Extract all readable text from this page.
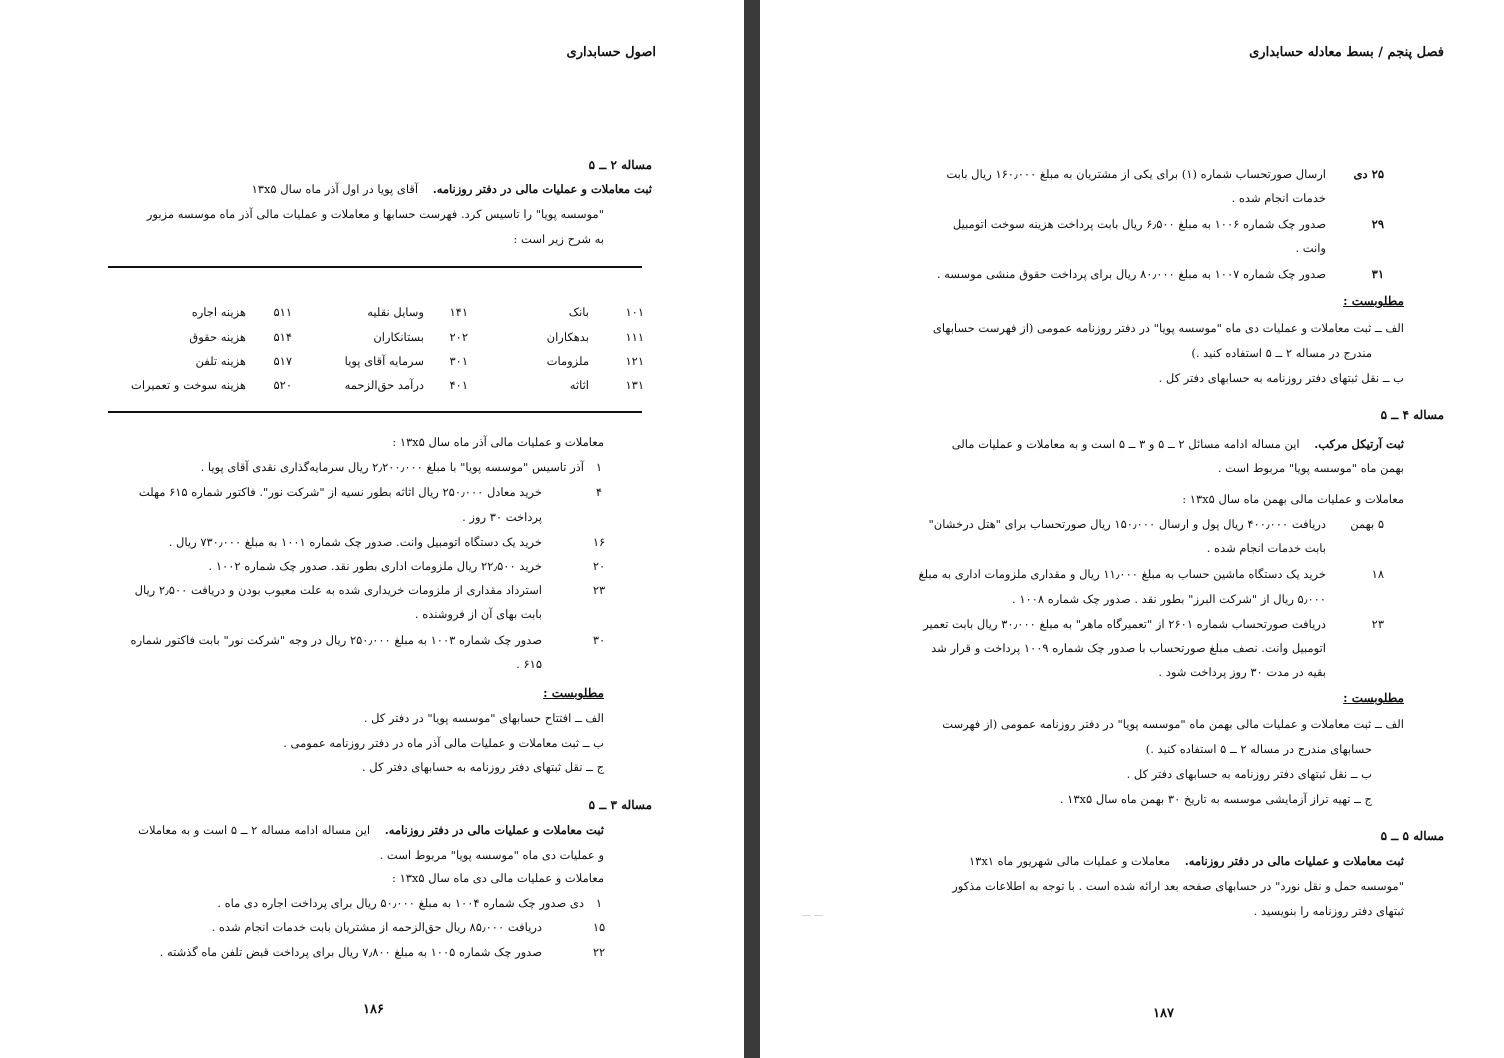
اصول حسابداری
مساله ۲ ــ ۵
ثبت معاملات و عملیات مالی در دفتر روزنامه.    آقای پویا در اول آذر ماه سال ۱۳x۵
"موسسه پویا" را تاسیس کرد. فهرست حسابها و معاملات و عملیات مالی آذر ماه موسسه مزبور
به شرح زیر است :
۱۰۱
بانک
۱۱۱
بدهکاران
۱۲۱
ملزومات
۱۳۱
اثاثه
۱۴۱
وسایل نقلیه
۲۰۲
بستانکاران
۳۰۱
سرمایه آقای پویا
۴۰۱
درآمد حق‌الزحمه
۵۱۱
هزینه اجاره
۵۱۴
هزینه حقوق
۵۱۷
هزینه تلفن
۵۲۰
هزینه سوخت و تعمیرات
معاملات و عملیات مالی آذر ماه سال ۱۳x۵ :
۱
آذر تاسیس "موسسه پویا" با مبلغ ۲٫۲۰۰٫۰۰۰ ریال سرمایه‌گذاری نقدی آقای پویا .
۴
خرید معادل ۲۵۰٫۰۰۰ ریال اثاثه بطور نسیه از "شرکت نور". فاکتور شماره ۶۱۵ مهلت
پرداخت ۳۰ روز .
۱۶
خرید یک دستگاه اتومبیل وانت. صدور چک شماره ۱۰۰۱ به مبلغ ۷۳۰٫۰۰۰ ریال .
۲۰
خرید ۲۲٫۵۰۰ ریال ملزومات اداری بطور نقد. صدور چک شماره ۱۰۰۲ .
۲۳
استرداد مقداری از ملزومات خریداری شده به علت معیوب بودن و دریافت ۲٫۵۰۰ ریال
بابت بهای آن از فروشنده .
۳۰
صدور چک شماره ۱۰۰۳ به مبلغ ۲۵۰٫۰۰۰ ریال در وجه "شرکت نور" بابت فاکتور شماره
۶۱۵ .
مطلوبست :
الف ــ افتتاح حسابهای "موسسه پویا" در دفتر کل .
ب ــ ثبت معاملات و عملیات مالی آذر ماه در دفتر روزنامه عمومی .
ج ــ نقل ثبتهای دفتر روزنامه به حسابهای دفتر کل .
مساله ۳ ــ ۵
ثبت معاملات و عملیات مالی در دفتر روزنامه.    این مساله ادامه مساله ۲ ــ ۵ است و به معاملات
و عملیات دی ماه "موسسه پویا" مربوط است .
معاملات و عملیات مالی دی ماه سال ۱۳x۵ :
۱
دی صدور چک شماره ۱۰۰۴ به مبلغ ۵۰٫۰۰۰ ریال برای پرداخت اجاره دی ماه .
۱۵
دریافت ۸۵٫۰۰۰ ریال حق‌الزحمه از مشتریان بابت خدمات انجام شده .
۲۲
صدور چک شماره ۱۰۰۵ به مبلغ ۷٫۸۰۰ ریال برای پرداخت قبض تلفن ماه گذشته .
۱۸۶
فصل پنجم / بسط معادله حسابداری
۲۵ دی
ارسال صورتحساب شماره (۱) برای یکی از مشتریان به مبلغ ۱۶۰٫۰۰۰ ریال بابت
خدمات انجام شده .
۲۹
صدور چک شماره ۱۰۰۶ به مبلغ ۶٫۵۰۰ ریال بابت پرداخت هزینه سوخت اتومبیل
وانت .
۳۱
صدور چک شماره ۱۰۰۷ به مبلغ ۸۰٫۰۰۰ ریال برای پرداخت حقوق منشی موسسه .
مطلوبست :
الف ــ ثبت معاملات و عملیات دی ماه "موسسه پویا" در دفتر روزنامه عمومی (از فهرست حسابهای
مندرج در مساله ۲ ــ ۵ استفاده کنید .)
ب ــ نقل ثبتهای دفتر روزنامه به حسابهای دفتر کل .
مساله ۴ ــ ۵
ثبت آرتیکل مرکب.    این مساله ادامه مسائل ۲ ــ ۵ و ۳ ــ ۵ است و به معاملات و عملیات مالی
بهمن ماه "موسسه پویا" مربوط است .
معاملات و عملیات مالی بهمن ماه سال ۱۳x۵ :
۵ بهمن
دریافت ۴۰۰٫۰۰۰ ریال پول و ارسال ۱۵۰٫۰۰۰ ریال صورتحساب برای "هتل درخشان"
بابت خدمات انجام شده .
۱۸
خرید یک دستگاه ماشین حساب به مبلغ ۱۱٫۰۰۰ ریال و مقداری ملزومات اداری به مبلغ
۵٫۰۰۰ ریال از "شرکت البرز" بطور نقد . صدور چک شماره ۱۰۰۸ .
۲۳
دریافت صورتحساب شماره ۲۶۰۱ از "تعمیرگاه ماهر" به مبلغ ۳۰٫۰۰۰ ریال بابت تعمیر
اتومبیل وانت. نصف مبلغ صورتحساب با صدور چک شماره ۱۰۰۹ پرداخت و قرار شد
بقیه در مدت ۳۰ روز پرداخت شود .
مطلوبست :
الف ــ ثبت معاملات و عملیات مالی بهمن ماه "موسسه پویا" در دفتر روزنامه عمومی (از فهرست
حسابهای مندرج در مساله ۲ ــ ۵ استفاده کنید .)
ب ــ نقل ثبتهای دفتر روزنامه به حسابهای دفتر کل .
ج ــ تهیه تراز آزمایشی موسسه به تاریخ ۳۰ بهمن ماه سال ۱۳x۵ .
مساله ۵ ــ ۵
ثبت معاملات و عملیات مالی در دفتر روزنامه.    معاملات و عملیات مالی شهریور ماه ۱۳x۱
"موسسه حمل و نقل نورد" در حسابهای صفحه بعد ارائه شده است . با توجه به اطلاعات مذکور
ثبتهای دفتر روزنامه را بنویسید .
﹏ ﹏
۱۸۷
